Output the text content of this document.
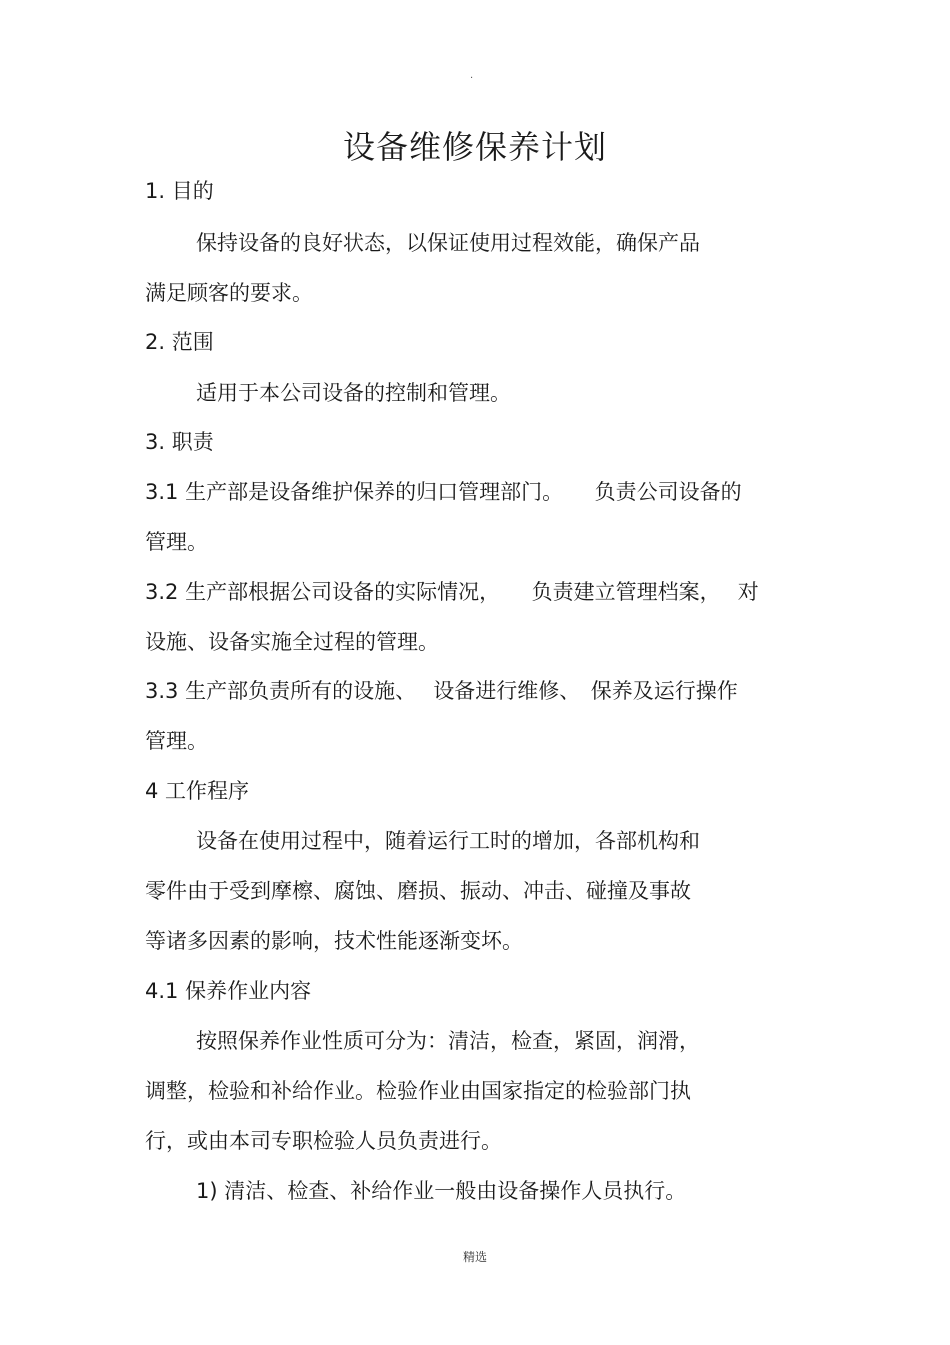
.
设备维修保养计划
1. 目的
保持设备的良好状态，以保证使用过程效能，确保产品
满足顾客的要求。
2. 范围
适用于本公司设备的控制和管理。
3. 职责
3.1 生产部是设备维护保养的归口管理部门。　　负责公司设备的
管理。
3.2 生产部根据公司设备的实际情况，　　负责建立管理档案，　 对
设施、设备实施全过程的管理。
3.3 生产部负责所有的设施、　 设备进行维修、　保养及运行操作
管理。
4 工作程序
设备在使用过程中，随着运行工时的增加，各部机构和
零件由于受到摩檫、腐蚀、磨损、振动、冲击、碰撞及事故
等诸多因素的影响，技术性能逐渐变坏。
4.1 保养作业内容
按照保养作业性质可分为：清洁，检查，紧固，润滑，
调整，检验和补给作业。检验作业由国家指定的检验部门执
行，或由本司专职检验人员负责进行。
1) 清洁、检查、补给作业一般由设备操作人员执行。
精选
